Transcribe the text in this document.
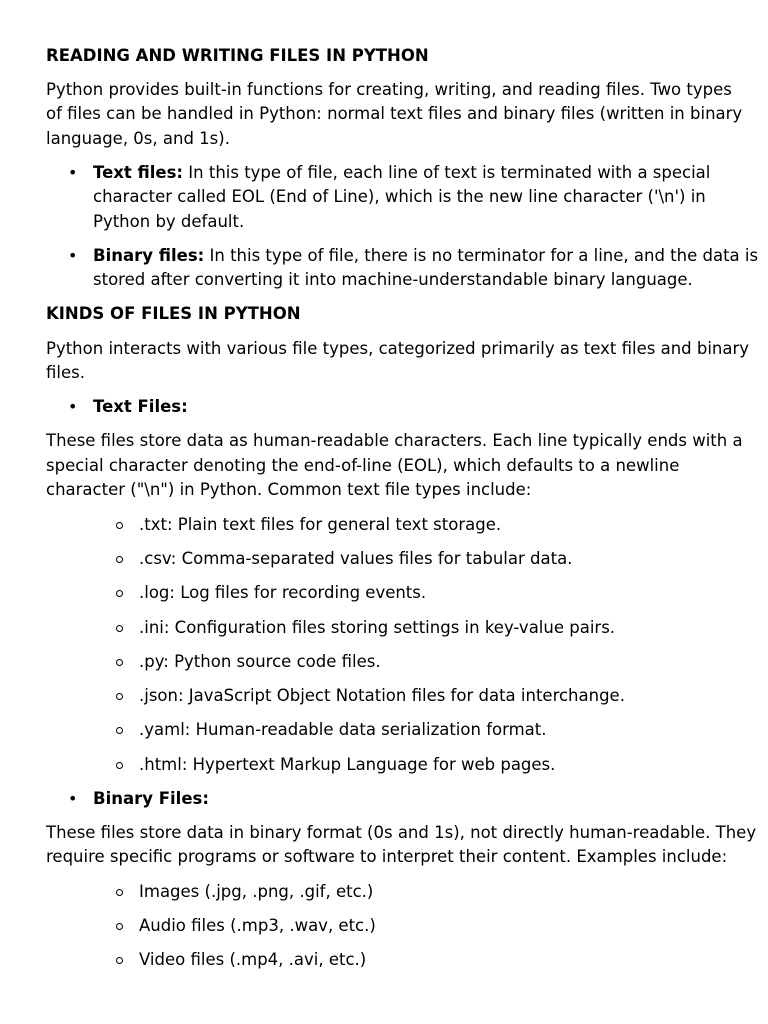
READING AND WRITING FILES IN PYTHON

Python provides built-in functions for creating, writing, and reading files. Two types

of files can be handled in Python: normal text files and binary files (written in binary

language, 0s, and 1s).

• Text files: In this type of file, each line of text is terminated with a special

character called EOL (End of Line), which is the new line character ('\n') in

Python by default.

• Binary files: In this type of file, there is no terminator for a line, and the data is

stored after converting it into machine-understandable binary language.

KINDS OF FILES IN PYTHON

Python interacts with various file types, categorized primarily as text files and binary

files.

• Text Files:

These files store data as human-readable characters. Each line typically ends with a

special character denoting the end-of-line (EOL), which defaults to a newline

character ("\n") in Python. Common text file types include:

.txt: Plain text files for general text storage.

.csv: Comma-separated values files for tabular data.

.log: Log files for recording events.

.ini: Configuration files storing settings in key-value pairs.

.py: Python source code files.

.json: JavaScript Object Notation files for data interchange.

.yaml: Human-readable data serialization format.

.html: Hypertext Markup Language for web pages.

• Binary Files:

These files store data in binary format (0s and 1s), not directly human-readable. They

require specific programs or software to interpret their content. Examples include:

Images (.jpg, .png, .gif, etc.)

Audio files (.mp3, .wav, etc.)

Video files (.mp4, .avi, etc.)
